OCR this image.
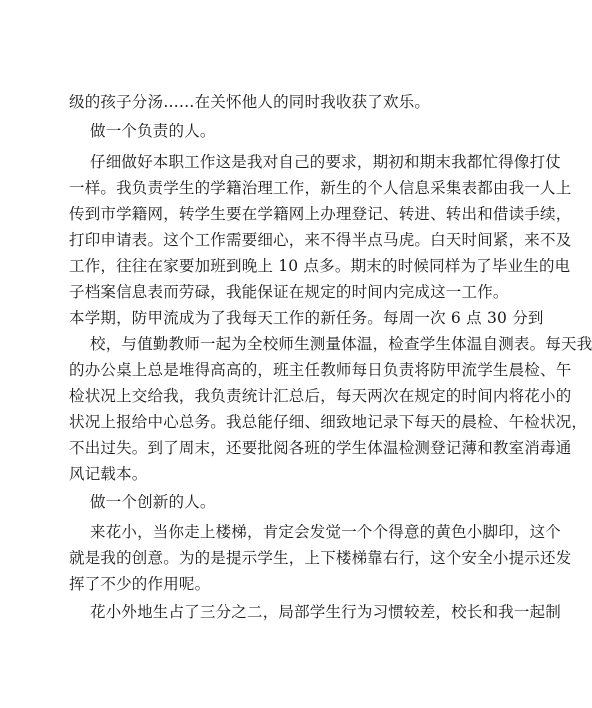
级的孩子分汤……在关怀他人的同时我收获了欢乐。
做一个负责的人。
仔细做好本职工作这是我对自己的要求，期初和期末我都忙得像打仗
一样。我负责学生的学籍治理工作，新生的个人信息采集表都由我一人上
传到市学籍网，转学生要在学籍网上办理登记、转进、转出和借读手续，
打印申请表。这个工作需要细心，来不得半点马虎。白天时间紧，来不及
工作，往往在家要加班到晚上 10 点多。期末的时候同样为了毕业生的电
子档案信息表而劳碌，我能保证在规定的时间内完成这一工作。
本学期，防甲流成为了我每天工作的新任务。每周一次 6 点 30 分到
校，与值勤教师一起为全校师生测量体温，检查学生体温自测表。每天我
的办公桌上总是堆得高高的，班主任教师每日负责将防甲流学生晨检、午
检状况上交给我，我负责统计汇总后，每天两次在规定的时间内将花小的
状况上报给中心总务。我总能仔细、细致地记录下每天的晨检、午检状况，
不出过失。到了周末，还要批阅各班的学生体温检测登记薄和教室消毒通
风记载本。
做一个创新的人。
来花小，当你走上楼梯，肯定会发觉一个个得意的黄色小脚印，这个
就是我的创意。为的是提示学生，上下楼梯靠右行，这个安全小提示还发
挥了不少的作用呢。
花小外地生占了三分之二，局部学生行为习惯较差，校长和我一起制
